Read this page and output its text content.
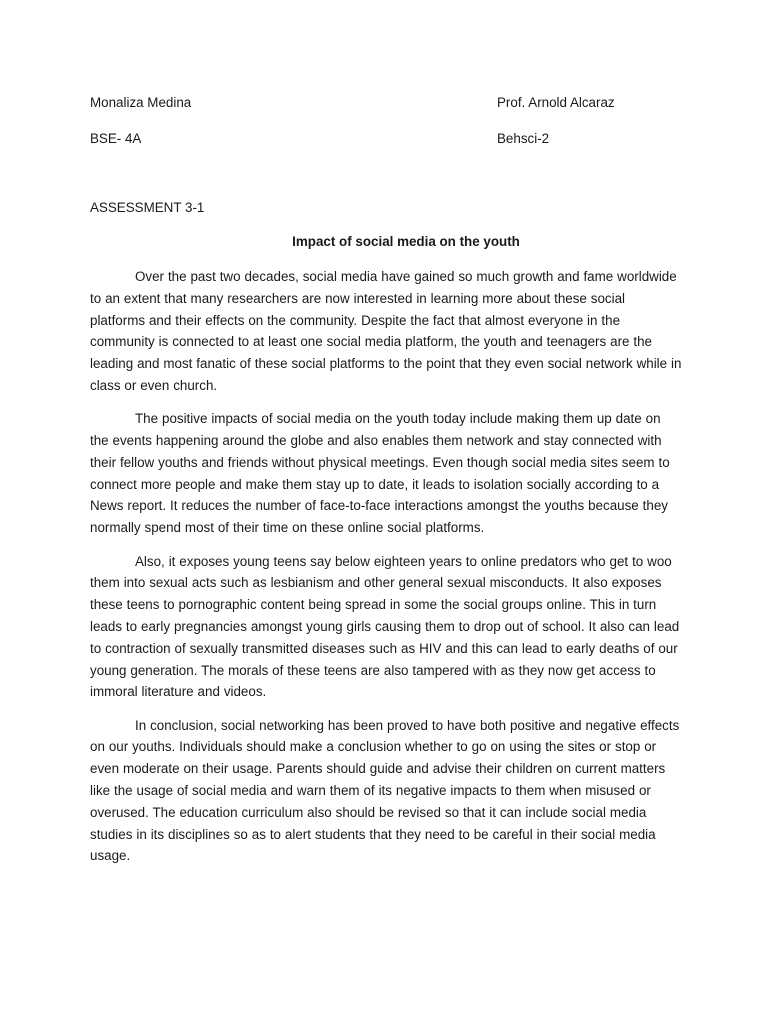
Monaliza Medina	Prof. Arnold Alcaraz
BSE- 4A	Behsci-2
ASSESSMENT 3-1
Impact of social media on the youth

Over the past two decades, social media have gained so much growth and fame worldwide to an extent that many researchers are now interested in learning more about these social platforms and their effects on the community. Despite the fact that almost everyone in the community is connected to at least one social media platform, the youth and teenagers are the leading and most fanatic of these social platforms to the point that they even social network while in class or even church.

The positive impacts of social media on the youth today include making them up date on the events happening around the globe and also enables them network and stay connected with their fellow youths and friends without physical meetings. Even though social media sites seem to connect more people and make them stay up to date, it leads to isolation socially according to a News report. It reduces the number of face-to-face interactions amongst the youths because they normally spend most of their time on these online social platforms.

Also, it exposes young teens say below eighteen years to online predators who get to woo them into sexual acts such as lesbianism and other general sexual misconducts. It also exposes these teens to pornographic content being spread in some the social groups online. This in turn leads to early pregnancies amongst young girls causing them to drop out of school. It also can lead to contraction of sexually transmitted diseases such as HIV and this can lead to early deaths of our young generation. The morals of these teens are also tampered with as they now get access to immoral literature and videos.

In conclusion, social networking has been proved to have both positive and negative effects on our youths. Individuals should make a conclusion whether to go on using the sites or stop or even moderate on their usage. Parents should guide and advise their children on current matters like the usage of social media and warn them of its negative impacts to them when misused or overused. The education curriculum also should be revised so that it can include social media studies in its disciplines so as to alert students that they need to be careful in their social media usage.
